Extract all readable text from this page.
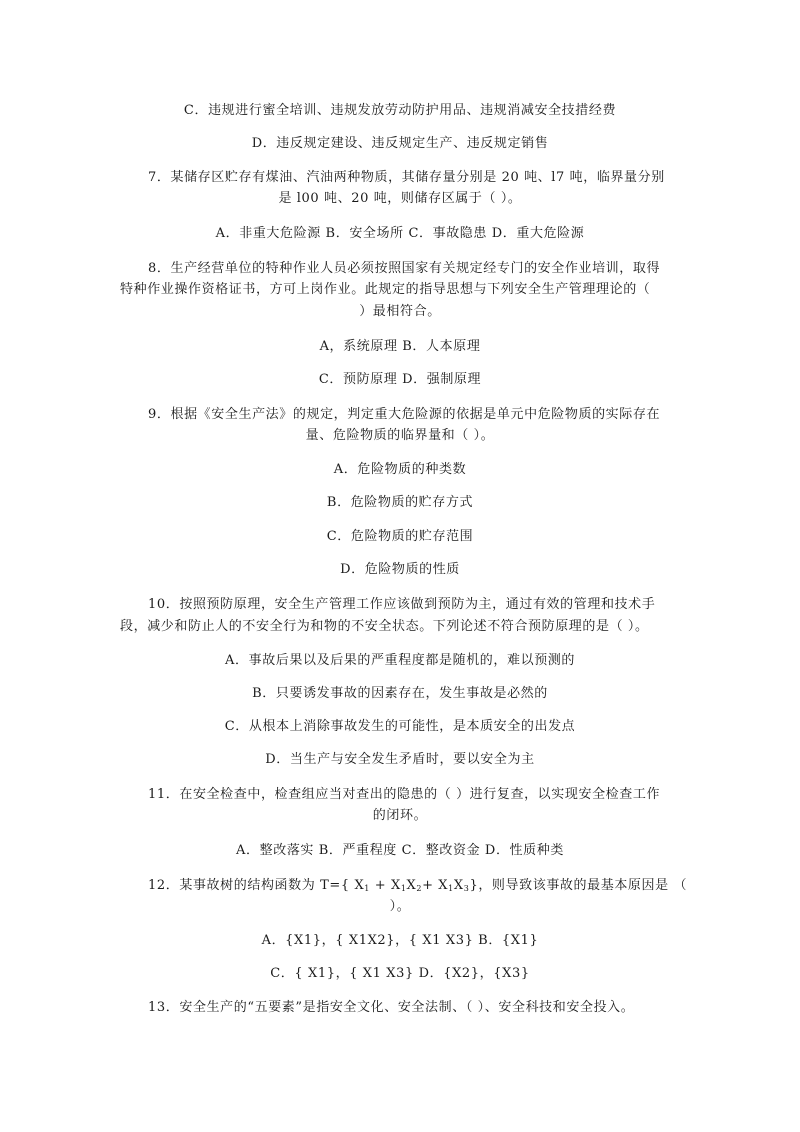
C．违规进行蜜全培训、违规发放劳动防护用品、违规消减安全技措经费
D．违反规定建设、违反规定生产、违反规定销售
7．某储存区贮存有煤油、汽油两种物质，其储存量分别是 20 吨、l7 吨，临界量分别
是 l00 吨、20 吨，则储存区属于（ ）。
A．非重大危险源 B．安全场所 C．事故隐患 D．重大危险源
8．生产经营单位的特种作业人员必须按照国家有关规定经专门的安全作业培训，取得
特种作业操作资格证书，方可上岗作业。此规定的指导思想与下列安全生产管理理论的（
）最相符合。
A，系统原理 B．人本原理
C．预防原理 D．强制原理
9．根据《安全生产法》的规定，判定重大危险源的依据是单元中危险物质的实际存在
量、危险物质的临界量和（ ）。
A．危险物质的种类数
B．危险物质的贮存方式
C．危险物质的贮存范围
D．危险物质的性质
10．按照预防原理，安全生产管理工作应该做到预防为主，通过有效的管理和技术手
段，减少和防止人的不安全行为和物的不安全状态。下列论述不符合预防原理的是（ ）。
A．事故后果以及后果的严重程度都是随机的，难以预测的
B．只要诱发事故的因素存在，发生事故是必然的
C．从根本上消除事故发生的可能性，是本质安全的出发点
D．当生产与安全发生矛盾时，要以安全为主
11．在安全检查中，检查组应当对查出的隐患的（ ）进行复查，以实现安全检查工作
的闭环。
A．整改落实 B．严重程度 C．整改资金 D．性质种类
12．某事故树的结构函数为 T={ $X_1 + X_1X_2+ X_1X_3$}，则导致该事故的最基本原因是 （
）。
A．{X1}，{ X1X2}，{ X1 X3} B．{X1}
C．{ X1}，{ X1 X3} D．{X2}，{X3}
13．安全生产的“五要素”是指安全文化、安全法制、（ ）、安全科技和安全投入。
